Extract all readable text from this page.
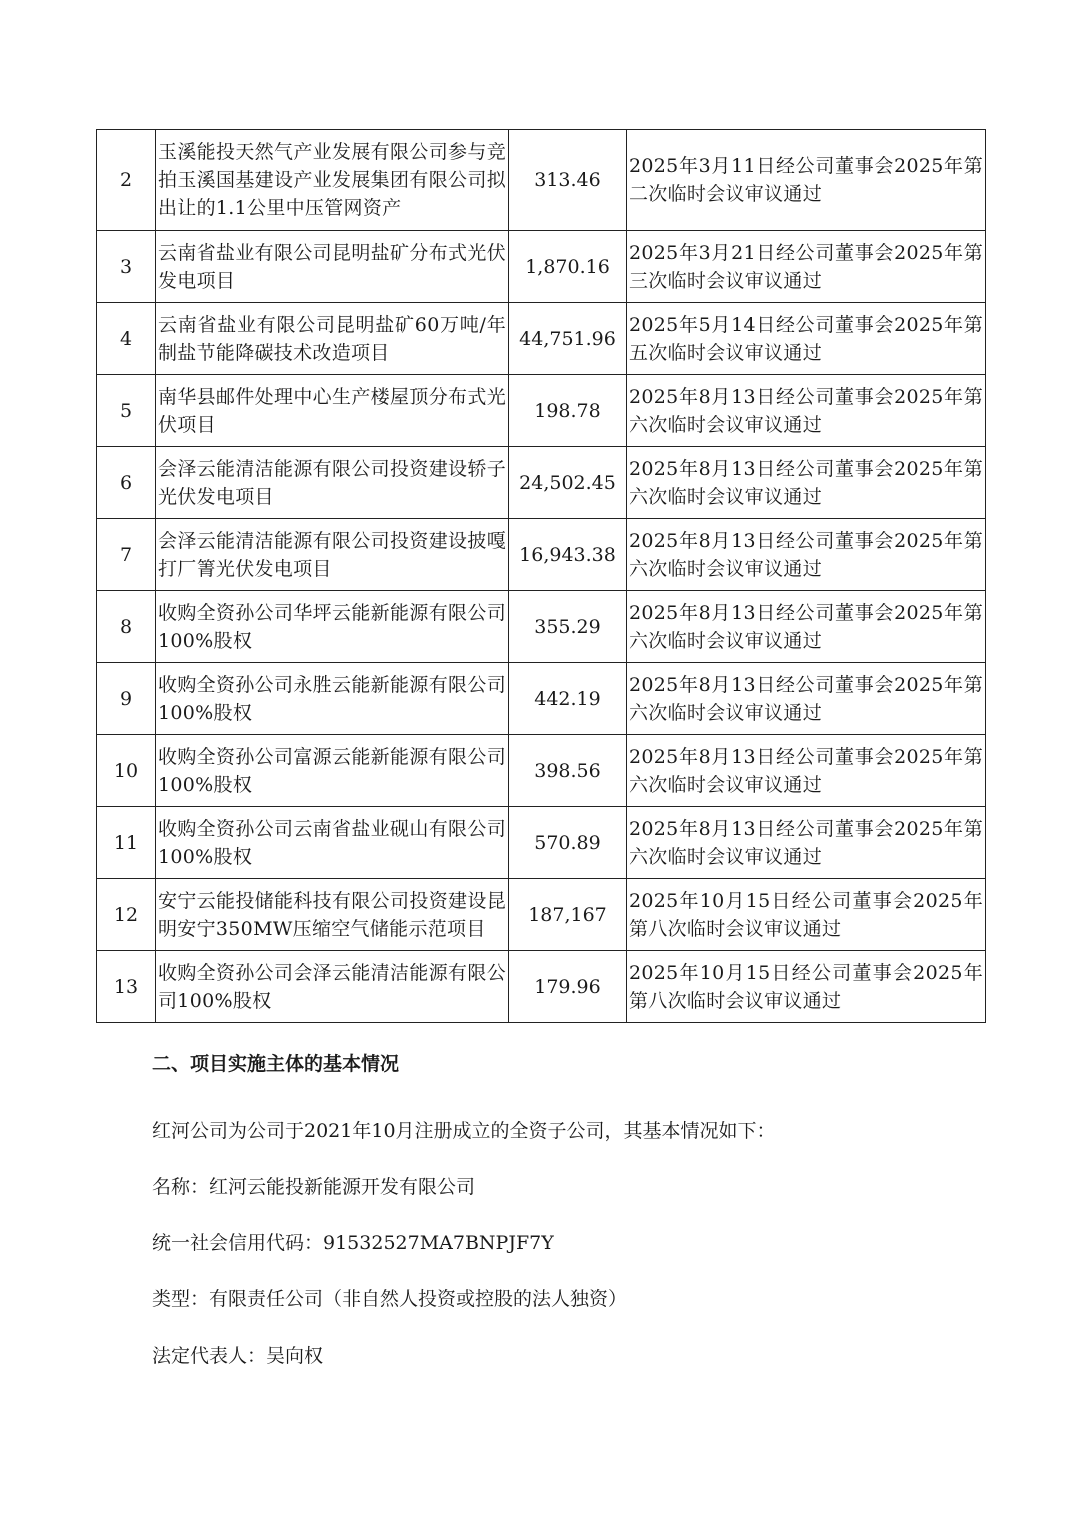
2	玉溪能投天然气产业发展有限公司参与竞拍玉溪国基建设产业发展集团有限公司拟出让的1.1公里中压管网资产	313.46	2025年3月11日经公司董事会2025年第二次临时会议审议通过
3	云南省盐业有限公司昆明盐矿分布式光伏发电项目	1,870.16	2025年3月21日经公司董事会2025年第三次临时会议审议通过
4	云南省盐业有限公司昆明盐矿60万吨/年制盐节能降碳技术改造项目	44,751.96	2025年5月14日经公司董事会2025年第五次临时会议审议通过
5	南华县邮件处理中心生产楼屋顶分布式光伏项目	198.78	2025年8月13日经公司董事会2025年第六次临时会议审议通过
6	会泽云能清洁能源有限公司投资建设轿子光伏发电项目	24,502.45	2025年8月13日经公司董事会2025年第六次临时会议审议通过
7	会泽云能清洁能源有限公司投资建设披嘎打厂箐光伏发电项目	16,943.38	2025年8月13日经公司董事会2025年第六次临时会议审议通过
8	收购全资孙公司华坪云能新能源有限公司100%股权	355.29	2025年8月13日经公司董事会2025年第六次临时会议审议通过
9	收购全资孙公司永胜云能新能源有限公司100%股权	442.19	2025年8月13日经公司董事会2025年第六次临时会议审议通过
10	收购全资孙公司富源云能新能源有限公司100%股权	398.56	2025年8月13日经公司董事会2025年第六次临时会议审议通过
11	收购全资孙公司云南省盐业砚山有限公司100%股权	570.89	2025年8月13日经公司董事会2025年第六次临时会议审议通过
12	安宁云能投储能科技有限公司投资建设昆明安宁350MW压缩空气储能示范项目	187,167	2025年10月15日经公司董事会2025年第八次临时会议审议通过
13	收购全资孙公司会泽云能清洁能源有限公司100%股权	179.96	2025年10月15日经公司董事会2025年第八次临时会议审议通过
二、项目实施主体的基本情况
红河公司为公司于2021年10月注册成立的全资子公司，其基本情况如下：
名称：红河云能投新能源开发有限公司
统一社会信用代码：91532527MA7BNPJF7Y
类型：有限责任公司（非自然人投资或控股的法人独资）
法定代表人：吴向权
